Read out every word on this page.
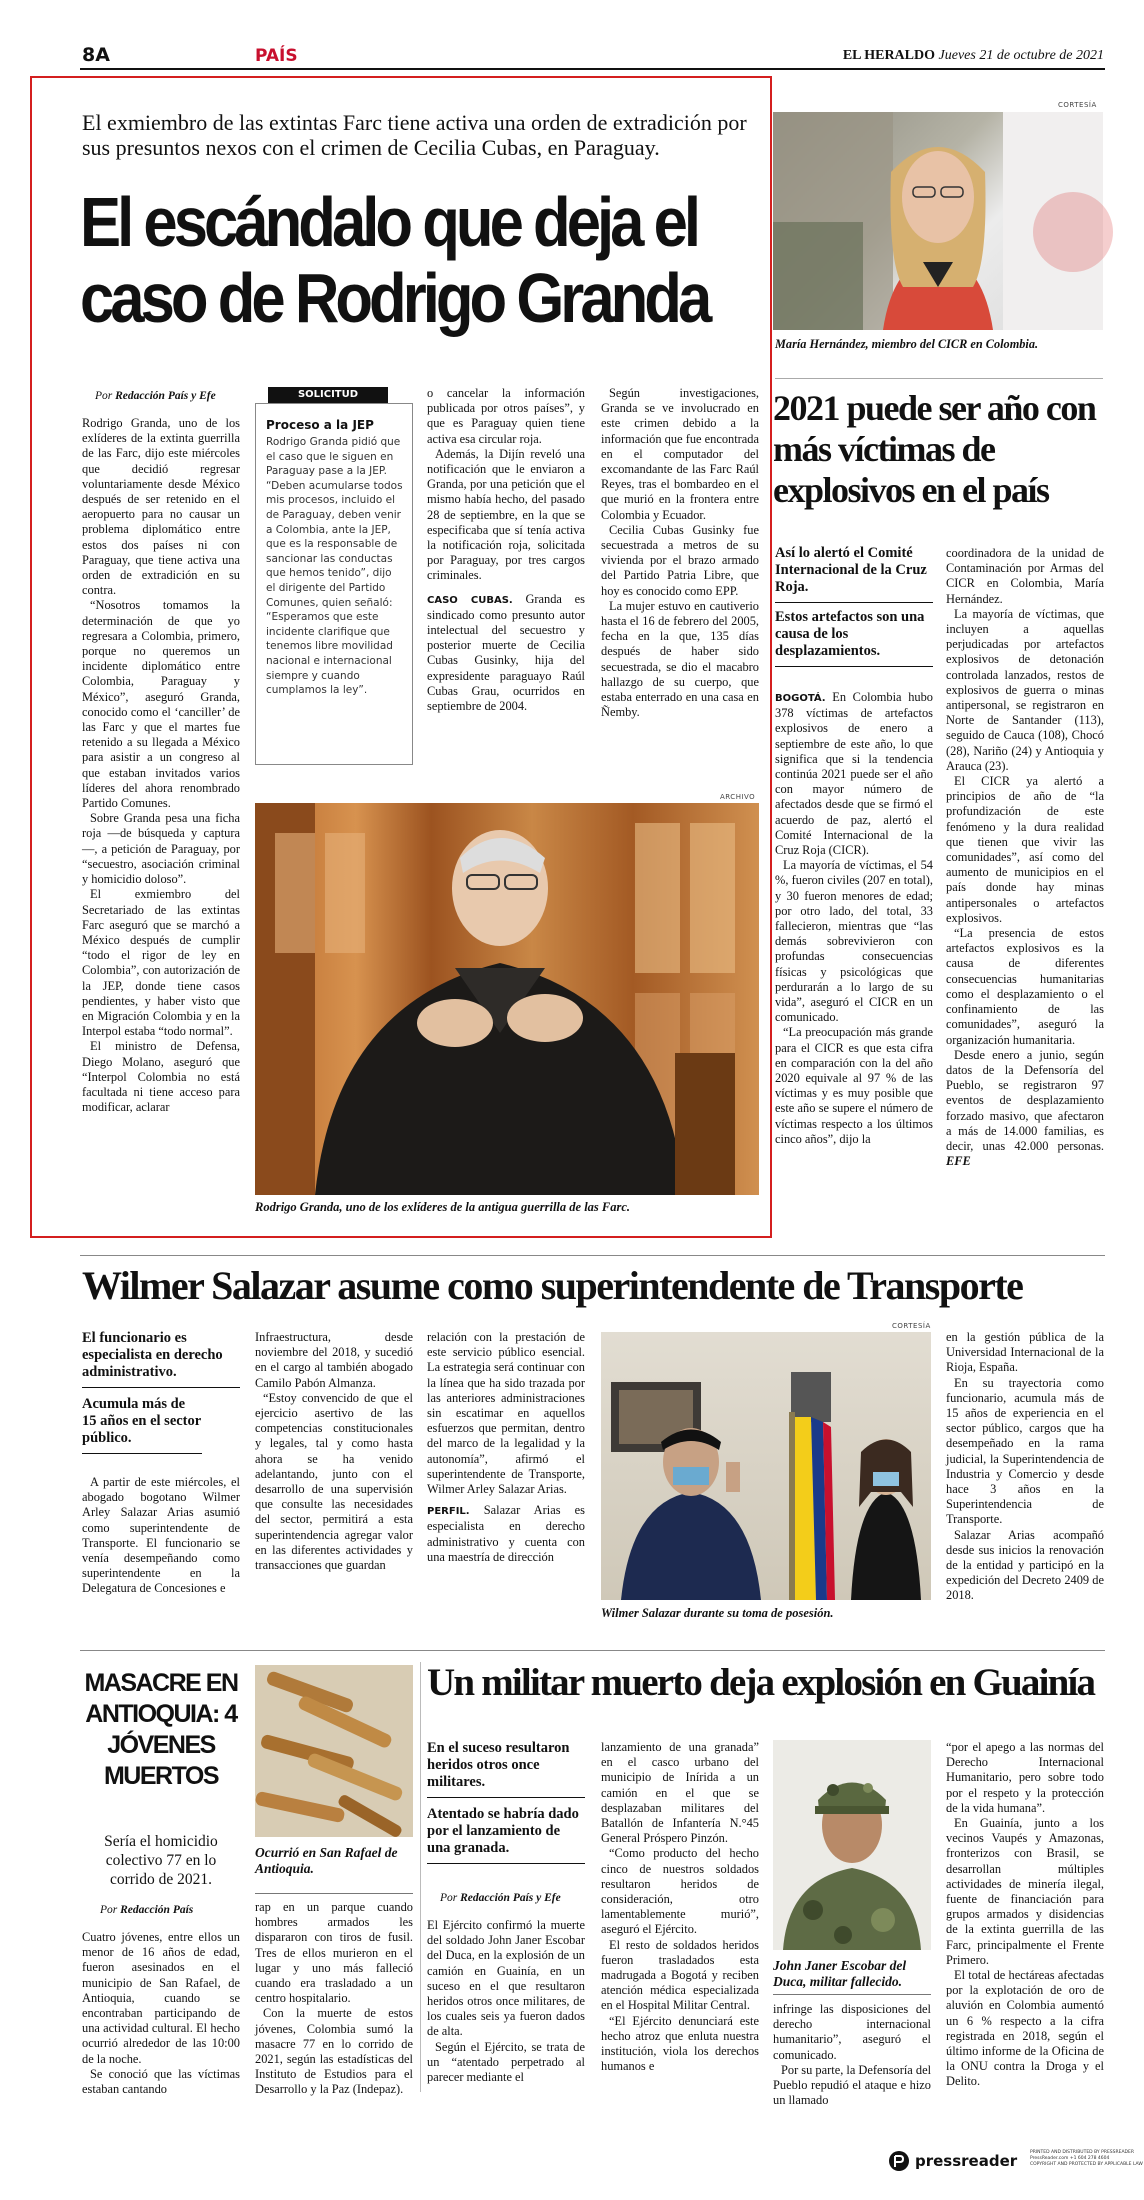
8A	PAÍS	EL HERALDO Jueves 21 de octubre de 2021
El exmiembro de las extintas Farc tiene activa una orden de extradición por sus presuntos nexos con el crimen de Cecilia Cubas, en Paraguay.
El escándalo que deja el caso de Rodrigo Granda
Por Redacción País y Efe

Rodrigo Granda, uno de los exlíderes de la extinta guerrilla de las Farc, dijo este miércoles que decidió regresar voluntariamente desde México después de ser retenido en el aeropuerto para no causar un problema diplomático entre estos dos países ni con Paraguay, que tiene activa una orden de extradición en su contra.

“Nosotros tomamos la determinación de que yo regresara a Colombia, primero, porque no queremos un incidente diplomático entre Colombia, Paraguay y México”, aseguró Granda, conocido como el ‘canciller’ de las Farc y que el martes fue retenido a su llegada a México para asistir a un congreso al que estaban invitados varios líderes del ahora renombrado Partido Comunes.

Sobre Granda pesa una ficha roja —de búsqueda y captura—, a petición de Paraguay, por “secuestro, asociación criminal y homicidio doloso”.

El exmiembro del Secretariado de las extintas Farc aseguró que se marchó a México después de cumplir “todo el rigor de ley en Colombia”, con autorización de la JEP, donde tiene casos pendientes, y haber visto que en Migración Colombia y en la Interpol estaba “todo normal”.

El ministro de Defensa, Diego Molano, aseguró que “Interpol Colombia no está facultada ni tiene acceso para modificar, aclarar

SOLICITUD
Proceso a la JEP
Rodrigo Granda pidió que el caso que le siguen en Paraguay pase a la JEP. “Deben acumularse todos mis procesos, incluido el de Paraguay, deben venir a Colombia, ante la JEP, que es la responsable de sancionar las conductas que hemos tenido”, dijo el dirigente del Partido Comunes, quien señaló: “Esperamos que este incidente clarifique que tenemos libre movilidad nacional e internacional siempre y cuando cumplamos la ley”.

o cancelar la información publicada por otros países”, y que es Paraguay quien tiene activa esa circular roja.

Además, la Dijín reveló una notificación que le enviaron a Granda, por una petición que el mismo había hecho, del pasado 28 de septiembre, en la que se especificaba que sí tenía activa la notificación roja, solicitada por Paraguay, por tres cargos criminales.

CASO CUBAS. Granda es sindicado como presunto autor intelectual del secuestro y posterior muerte de Cecilia Cubas Gusinky, hija del expresidente paraguayo Raúl Cubas Grau, ocurridos en septiembre de 2004.

Según investigaciones, Granda se ve involucrado en este crimen debido a la información que fue encontrada en el computador del excomandante de las Farc Raúl Reyes, tras el bombardeo en el que murió en la frontera entre Colombia y Ecuador.

Cecilia Cubas Gusinky fue secuestrada a metros de su vivienda por el brazo armado del Partido Patria Libre, que hoy es conocido como EPP.

La mujer estuvo en cautiverio hasta el 16 de febrero del 2005, fecha en la que, 135 días después de haber sido secuestrada, se dio el macabro hallazgo de su cuerpo, que estaba enterrado en una casa en Ñemby.

ARCHIVO
Rodrigo Granda, uno de los exlíderes de la antigua guerrilla de las Farc.
CORTESÍA
María Hernández, miembro del CICR en Colombia.
2021 puede ser año con más víctimas de explosivos en el país
Así lo alertó el Comité Internacional de la Cruz Roja.
Estos artefactos son una causa de los desplazamientos.

BOGOTÁ. En Colombia hubo 378 víctimas de artefactos explosivos de enero a septiembre de este año, lo que significa que si la tendencia continúa 2021 puede ser el año con mayor número de afectados desde que se firmó el acuerdo de paz, alertó el Comité Internacional de la Cruz Roja (CICR).

La mayoría de víctimas, el 54 %, fueron civiles (207 en total), y 30 fueron menores de edad; por otro lado, del total, 33 fallecieron, mientras que “las demás sobrevivieron con profundas consecuencias físicas y psicológicas que perdurarán a lo largo de su vida”, aseguró el CICR en un comunicado.

“La preocupación más grande para el CICR es que esta cifra en comparación con la del año 2020 equivale al 97 % de las víctimas y es muy posible que este año se supere el número de víctimas respecto a los últimos cinco años”, dijo la

coordinadora de la unidad de Contaminación por Armas del CICR en Colombia, María Hernández.

La mayoría de víctimas, que incluyen a aquellas perjudicadas por artefactos explosivos de detonación controlada lanzados, restos de explosivos de guerra o minas antipersonal, se registraron en Norte de Santander (113), seguido de Cauca (108), Chocó (28), Nariño (24) y Antioquia y Arauca (23).

El CICR ya alertó a principios de año de “la profundización de este fenómeno y la dura realidad que tienen que vivir las comunidades”, así como del aumento de municipios en el país donde hay minas antipersonales o artefactos explosivos.

“La presencia de estos artefactos explosivos es la causa de diferentes consecuencias humanitarias como el desplazamiento o el confinamiento de las comunidades”, aseguró la organización humanitaria.

Desde enero a junio, según datos de la Defensoría del Pueblo, se registraron 97 eventos de desplazamiento forzado masivo, que afectaron a más de 14.000 familias, es decir, unas 42.000 personas. EFE

Wilmer Salazar asume como superintendente de Transporte
El funcionario es especialista en derecho administrativo.
Acumula más de 15 años en el sector público.

A partir de este miércoles, el abogado bogotano Wilmer Arley Salazar Arias asumió como superintendente de Transporte. El funcionario se venía desempeñando como superintendente en la Delegatura de Concesiones e

Infraestructura, desde noviembre del 2018, y sucedió en el cargo al también abogado Camilo Pabón Almanza.

“Estoy convencido de que el ejercicio asertivo de las competencias constitucionales y legales, tal y como hasta ahora se ha venido adelantando, junto con el desarrollo de una supervisión que consulte las necesidades del sector, permitirá a esta superintendencia agregar valor en las diferentes actividades y transacciones que guardan

relación con la prestación de este servicio público esencial. La estrategia será continuar con la línea que ha sido trazada por las anteriores administraciones sin escatimar en aquellos esfuerzos que permitan, dentro del marco de la legalidad y la autonomía”, afirmó el superintendente de Transporte, Wilmer Arley Salazar Arias.

PERFIL. Salazar Arias es especialista en derecho administrativo y cuenta con una maestría de dirección

CORTESÍA
Wilmer Salazar durante su toma de posesión.

en la gestión pública de la Universidad Internacional de la Rioja, España.

En su trayectoria como funcionario, acumula más de 15 años de experiencia en el sector público, cargos que ha desempeñado en la rama judicial, la Superintendencia de Industria y Comercio y desde hace 3 años en la Superintendencia de Transporte.

Salazar Arias acompañó desde sus inicios la renovación de la entidad y participó en la expedición del Decreto 2409 de 2018.

MASACRE EN ANTIOQUIA: 4 JÓVENES MUERTOS
Sería el homicidio colectivo 77 en lo corrido de 2021.
Por Redacción País

Cuatro jóvenes, entre ellos un menor de 16 años de edad, fueron asesinados en el municipio de San Rafael, de Antioquia, cuando se encontraban participando de una actividad cultural. El hecho ocurrió alrededor de las 10:00 de la noche.

Se conoció que las víctimas estaban cantando

Ocurrió en San Rafael de Antioquia.

rap en un parque cuando hombres armados les dispararon con tiros de fusil. Tres de ellos murieron en el lugar y uno más falleció cuando era trasladado a un centro hospitalario.

Con la muerte de estos jóvenes, Colombia sumó la masacre 77 en lo corrido de 2021, según las estadísticas del Instituto de Estudios para el Desarrollo y la Paz (Indepaz).

Un militar muerto deja explosión en Guainía
En el suceso resultaron heridos otros once militares.
Atentado se habría dado por el lanzamiento de una granada.
Por Redacción País y Efe

El Ejército confirmó la muerte del soldado John Janer Escobar del Duca, en la explosión de un camión en Guainía, en un suceso en el que resultaron heridos otros once militares, de los cuales seis ya fueron dados de alta.

Según el Ejército, se trata de un “atentado perpetrado al parecer mediante el

lanzamiento de una granada” en el casco urbano del municipio de Inírida a un camión en el que se desplazaban militares del Batallón de Infantería N.°45 General Próspero Pinzón.

“Como producto del hecho cinco de nuestros soldados resultaron heridos de consideración, otro lamentablemente murió”, aseguró el Ejército.

El resto de soldados heridos fueron trasladados esta madrugada a Bogotá y reciben atención médica especializada en el Hospital Militar Central.

“El Ejército denunciará este hecho atroz que enluta nuestra institución, viola los derechos humanos e

John Janer Escobar del Duca, militar fallecido.

infringe las disposiciones del derecho internacional humanitario”, aseguró el comunicado.

Por su parte, la Defensoría del Pueblo repudió el ataque e hizo un llamado

“por el apego a las normas del Derecho Internacional Humanitario, pero sobre todo por el respeto y la protección de la vida humana”.

En Guainía, junto a los vecinos Vaupés y Amazonas, fronterizos con Brasil, se desarrollan múltiples actividades de minería ilegal, fuente de financiación para grupos armados y disidencias de la extinta guerrilla de las Farc, principalmente el Frente Primero.

El total de hectáreas afectadas por la explotación de oro de aluvión en Colombia aumentó un 6 % respecto a la cifra registrada en 2018, según el último informe de la Oficina de la ONU contra la Droga y el Delito.

pressreader	PRINTED AND DISTRIBUTED BY PRESSREADER
PressReader.com +1 604 278 4604
COPYRIGHT AND PROTECTED BY APPLICABLE LAW
